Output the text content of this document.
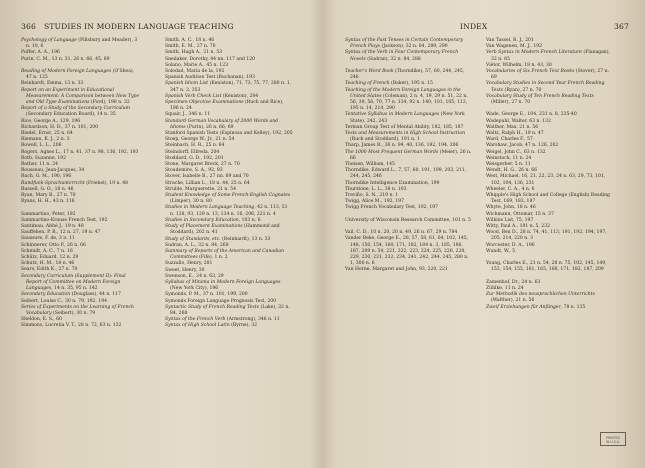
366 STUDIES IN MODERN LANGUAGE TEACHING
Psychology of Language (Pillsbury and Meader), 3 n. 10, 6
Puffer, A. A., 196
Purin, C. M., 13 n. 31, 26 n. 66, 45, 69
Reading of Modern Foreign Languages (O'Shea), 47 n. 125
Reinhardt, Emma, 13 n. 33
Report on an Experiment in Educational Measurement: A Comparison between New Type and Old Type Examinations (Ford), 198 n. 32
Report of a Study of the Secondary Curriculum (Secondary Education Board), 14 n. 35
Rice, George A., 129, 196
Richardson, H. D., 37 n. 101, 200
Riedel, Ernst, 25 n. 64
Riemann, K. J., 2 n. 3
Rowell, L. L., 206
Rogers, Agnes L., 17 n. 41, 37 n. 98, 136, 192, 193
Roth, Suzanne, 192
Rother, 11 n. 24
Rousseau, Jean-Jacques, 34
Ruch, G. M., 190, 196
Rundfunk-Sprachunterricht (Friebel), 19 n. 48
Russell, G. O., 18 n. 46
Ryan, Mary B., 27 n. 70
Ryans, H. H., 43 n. 116
Sammartino, Peter, 192
Sammartino-Krause French Test, 192
Santimau, Abbé J., 19 n. 48
Sauffeben, P. R., 12 n. 27, 19 n. 47
Saussure, F. de, 3 n. 11
Schinnerer, Otto P., 26 n. 66
Schmidt, A. C., 7 n. 16
Schütz, Eduard, 12 n. 29
Schutz, H. M., 18 n. 46
Sears, Edith K., 27 n. 70
Secondary Curriculum (Supplement II): Final Report of Committee on Modern Foreign Languages, 14 n. 35, 95 n. 142
Secondary Education (Douglass), 44 n. 117
Seibert, Louise C., 30 n. 79, 192, 194
Series of Experiments on the Learning of French Vocabulary (Seibert), 30 n. 79
Sheldon, E. S., 60
Simmons, Lucretia V. T., 28 n. 72, 63 n. 132
Smith, A. C., 18 n. 46
Smith, E. M., 27 n. 70
Smith, Hugh A., 21 n. 53
Snedaker, Dorothy, 44 nn. 117 and 120
Solano, Marie A., 45 n. 123
Soledad, María de la, 192
Spanish Audition Test (Buchanan), 193
Spanish Idiom List (Keniston), 71, 73, 75, 77, 280 n. 1, 347 n. 3, 353
Spanish Verb Check List (Keniston), 284
Specimen Objective Examinations (Ruch and Rice), 196 n. 24
Squair, J., 346 n. 11
Standard German Vocabulary of 2000 Words and Idioms (Purin), 26 n. 66, 69
Stanford Spanish Tests (Espinosa and Kelley), 192, 205
Stoep, George W., Jr., 21 n. 54
Steinbach, H. R., 25 n. 64
Steindorff, Elfreda, 204
Stoddard, G. D., 192, 201
Stone, Margaret Breck, 27 n. 70
Stoudemire, S. A., 92, 93
Stover, Isabelle B., 27 nn. 69 and 70
Strache, Lillian L., 18 n. 44, 25 n. 64
Struble, Marguerette, 21 n. 54
Student Knowledge of Some French-English Cognates (Limper), 30 n. 80
Studies in Modern Language Teaching, 42 n. 113, 51 n. 128, 93, 129 n. 13, 134 n. 16, 206, 221 n. 4
Studies in Secondary Education, 103 n. 6
Study of Placement Examinations (Hammond and Stoddard), 202 n. 41
Study of Standards, etc. (Reinhardt), 13 n. 33
Sudran, A. L., 32 n. 84, 268
Summary of Reports of the American and Canadian Committees (Fife), 1 n. 2
Suzzallo, Henry, 281
Sweet, Henry, 30
Swenson, E., 24 n. 63, 29
Syllabus of Minima in Modern Foreign Languages (New York City), 196
Symonds, P. M., 37 n. 101, 199, 200
Symonds Foreign Language Prognosis Test, 200
Syntactic Study of French Reading Texts (Lake), 32 n. 84, 268
Syntax of the French Verb (Armstrong), 346 n. 11
Syntax of High School Latin (Byrne), 32
INDEX	367
Syntax of the Past Tenses in Certain Contemporary French Plays (Jackson), 32 n. 84, 289, 290
Syntax of the Verb in Four Contemporary French Novels (Sudran), 32 n. 84, 288
Teacher's Word Book (Thorndike), 57, 60, 244, 245, 246
Teaching of French (Baker), 195 n. 15
Teaching of the Modern Foreign Languages in the United States (Coleman), 2 n. 4, 19, 29 n. 51, 22 n. 56, 39, 56, 70, 77 n. 134, 92 n. 140, 101, 105, 112, 195 n. 14, 214, 290
Tentative Syllabus in Modern Languages (New York State), 242, 243
Terman Group Test of Mental Ability, 182, 185, 187
Tests and Measurements in High School Instruction (Ruch and Stoddard), 191 n. 1
Tharp, James B., 36 n. 94, 40, 136, 192, 194, 206
The 1000 Most Frequent German Words (Meier), 26 n. 66
Theisen, William, 145
Thorndike, Edward L., 7, 57, 60, 191, 199, 203, 211, 244, 245, 246
Thorndike Intelligence Examination, 199
Thurstone, L. L., 38 n. 103
Treviño, S. N., 219 n. 1
Twigg, Alice M., 192, 197
Twigg French Vocabulary Test, 192, 197
University of Wisconsin Research Committee, 101 n. 5
Vail, C. D., 10 n. 20, 20 n. 49, 26 n. 67, 29 n. 784
Vander Beke, George E., 28, 57, 58, 61, 64, 102, 145, 148, 150, 154, 160, 171, 182, 184 n. 3, 185, 186, 187, 209 n. 54, 221, 222, 223, 224, 225, 226, 228, 229, 230, 231, 232, 234, 241, 242, 244, 245, 280 n. 1, 300 n. 6
Van Horne, Margaret and John, 93, 220, 221
Van Tassel, R. J., 201
Van Wagenen, M. J., 192
Verb Syntax in Modern French Literature (Flanagan), 32 n. 85
Viëtor, Wilhelm, 18 n. 43, 30
Vocabularies of Six French Text Books (Stover), 27 n. 69
Vocabulary Studies in Second Year French Reading Texts (Ryan), 27 n. 70
Vocabulary Study of Ten French Reading Texts (Miller), 27 n. 70
Wade, George E., 104, 231 n. 8, 235-40
Wadepuhl, Walter, 63 n. 132
Walther, Max, 21 n. 56
Waltz, Ralph H., 19 n. 47
Ward, Charles F., 57
Warshaw, Jacob, 47 n. 126, 202
Weigel, John C., 63 n. 132
Weinstock, 11 n. 24
Weisgerber, 5 n. 11
Wendt, H. G., 26 n. 66
West, Michael, 16, 21, 22, 23, 24 n. 63, 29, 73, 101, 102, 104, 136, 231
Wheeler, C. A., 4 n. 6
Whipple's High School and College (English) Reading Test, 169, 183, 187
Whyte, John, 18 n. 46
Wichmann, Ottomar, 15 n. 37
Wilkins List, 75, 197
Witty, Paul A., 191 n. 5, 232
Wood, Ben D., 28 n. 74, 41, 113, 191, 192, 194, 197, 205, 214, 220 n. 3
Worcester, D. A., 196
Wundt, W., 5
Young, Charles E., 21 n. 54, 28 n. 75, 102, 145, 149, 153, 154, 155, 161, 165, 166, 171, 182, 187, 209
Zamenhof, Dr., 24 n. 63
Zühlke, 11 n. 24
Zur Methodik des neusprachlichen Unterrichts (Walther), 21 n. 56
Zweif Erziehungen für Anfänger, 78 n. 135
PRINTED
IN U.S.A.
